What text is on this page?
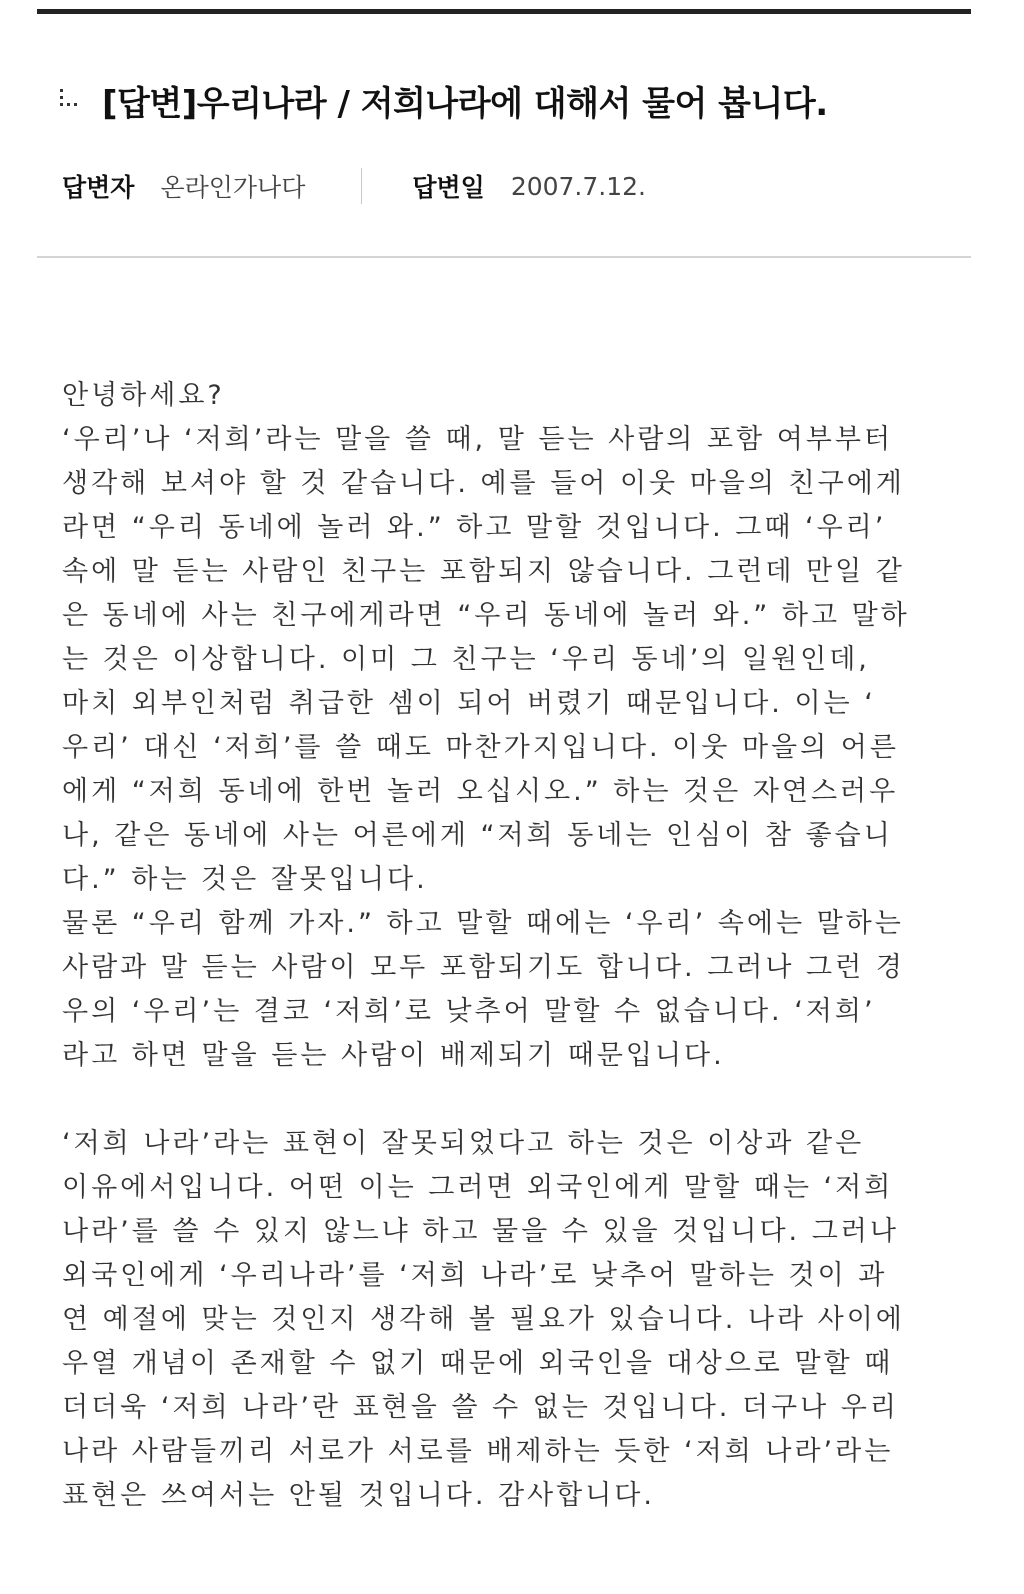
[답변]우리나라 / 저희나라에 대해서 물어 봅니다.
답변자 온라인가나다	답변일 2007.7.12.
안녕하세요?
‘우리’나 ‘저희’라는 말을 쓸 때, 말 듣는 사람의 포함 여부부터
생각해 보셔야 할 것 같습니다. 예를 들어 이웃 마을의 친구에게
라면 “우리 동네에 놀러 와.” 하고 말할 것입니다. 그때 ‘우리’
속에 말 듣는 사람인 친구는 포함되지 않습니다. 그런데 만일 같
은 동네에 사는 친구에게라면 “우리 동네에 놀러 와.” 하고 말하
는 것은 이상합니다. 이미 그 친구는 ‘우리 동네’의 일원인데,
마치 외부인처럼 취급한 셈이 되어 버렸기 때문입니다. 이는 ‘
우리’ 대신 ‘저희’를 쓸 때도 마찬가지입니다. 이웃 마을의 어른
에게 “저희 동네에 한번 놀러 오십시오.” 하는 것은 자연스러우
나, 같은 동네에 사는 어른에게 “저희 동네는 인심이 참 좋습니
다.” 하는 것은 잘못입니다.
물론 “우리 함께 가자.” 하고 말할 때에는 ‘우리’ 속에는 말하는
사람과 말 듣는 사람이 모두 포함되기도 합니다. 그러나 그런 경
우의 ‘우리’는 결코 ‘저희’로 낮추어 말할 수 없습니다. ‘저희’
라고 하면 말을 듣는 사람이 배제되기 때문입니다.
‘저희 나라’라는 표현이 잘못되었다고 하는 것은 이상과 같은
이유에서입니다. 어떤 이는 그러면 외국인에게 말할 때는 ‘저희
나라’를 쓸 수 있지 않느냐 하고 물을 수 있을 것입니다. 그러나
외국인에게 ‘우리나라’를 ‘저희 나라’로 낮추어 말하는 것이 과
연 예절에 맞는 것인지 생각해 볼 필요가 있습니다. 나라 사이에
우열 개념이 존재할 수 없기 때문에 외국인을 대상으로 말할 때
더더욱 ‘저희 나라’란 표현을 쓸 수 없는 것입니다. 더구나 우리
나라 사람들끼리 서로가 서로를 배제하는 듯한 ‘저희 나라’라는
표현은 쓰여서는 안될 것입니다. 감사합니다.
